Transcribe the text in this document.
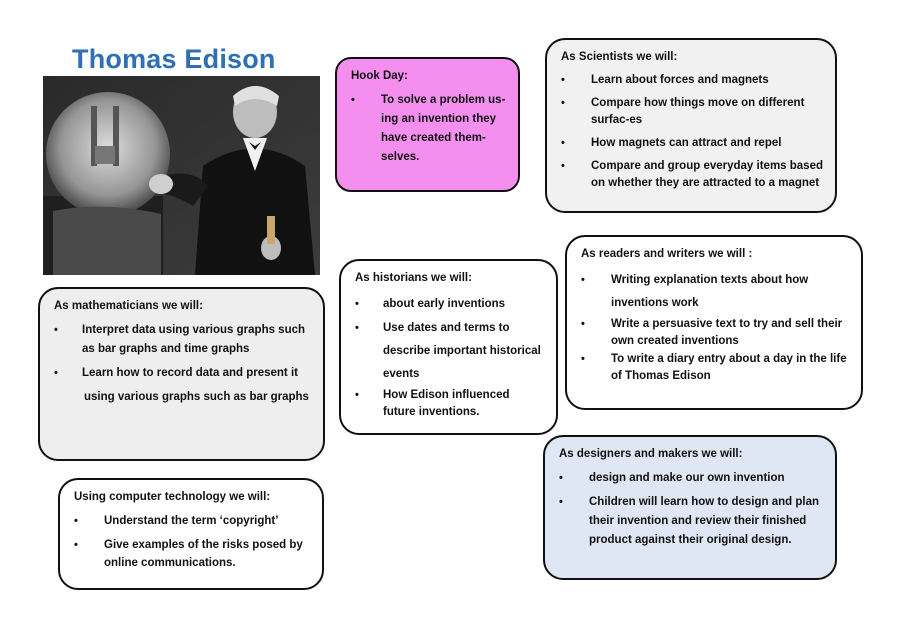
Thomas Edison
Hook Day:
• To solve a problem us-ing an invention they have created them-selves.
As Scientists we will:
• Learn about forces and magnets
• Compare how things move on different surfac-es
• How magnets can attract and repel
• Compare and group everyday items based on whether they are attracted to a magnet
As mathematicians we will:
• Interpret data using various graphs such as bar graphs and time graphs
• Learn how to record data and present it
using various graphs such as bar graphs
As historians we will:
• about early inventions
• Use dates and terms to describe important historical events
• How Edison influenced future inventions.
As readers and writers we will :
• Writing explanation texts about how inventions work
• Write a persuasive text to try and sell their own created inventions
• To write a diary entry about a day in the life of Thomas Edison
Using computer technology we will:
• Understand the term ‘copyright’
• Give examples of the risks posed by online communications.
As designers and makers we will:
• design and make our own invention
• Children will learn how to design and plan their invention and review their finished product against their original design.
